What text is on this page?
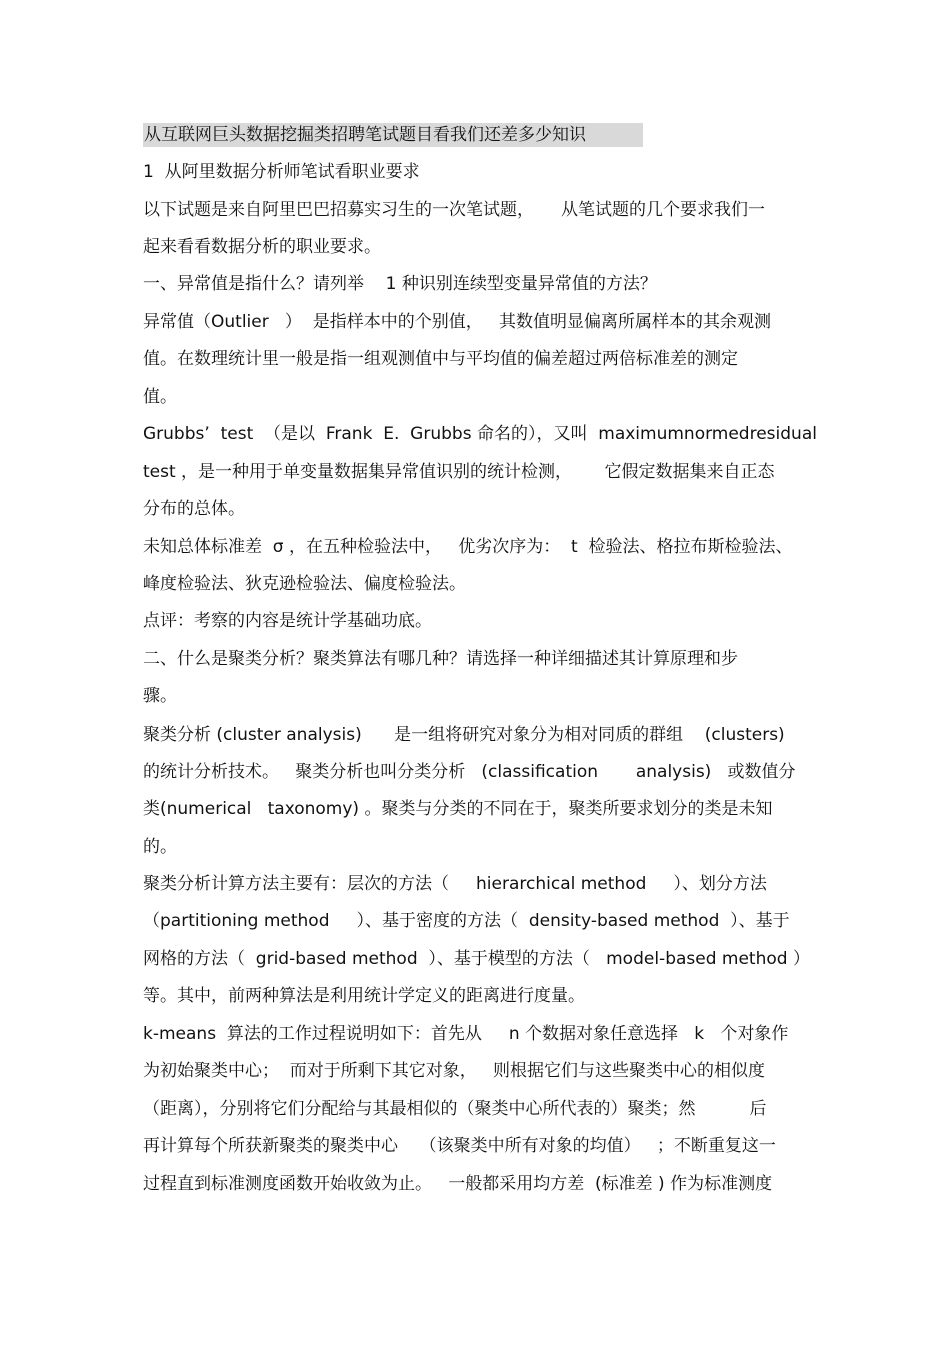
从互联网巨头数据挖掘类招聘笔试题目看我们还差多少知识
1  从阿里数据分析师笔试看职业要求
以下试题是来自阿里巴巴招募实习生的一次笔试题，     从笔试题的几个要求我们一
起来看看数据分析的职业要求。
一、异常值是指什么？请列举    1 种识别连续型变量异常值的方法？
异常值（Outlier   ）  是指样本中的个别值，   其数值明显偏离所属样本的其余观测
值。在数理统计里一般是指一组观测值中与平均值的偏差超过两倍标准差的测定
值。
Grubbs’  test  （是以  Frank  E.  Grubbs 命名的），又叫  maximumnormedresidual
test ，是一种用于单变量数据集异常值识别的统计检测，      它假定数据集来自正态
分布的总体。
未知总体标准差  σ ，在五种检验法中，   优劣次序为：  t  检验法、格拉布斯检验法、
峰度检验法、狄克逊检验法、偏度检验法。
点评：考察的内容是统计学基础功底。
二、什么是聚类分析？聚类算法有哪几种？请选择一种详细描述其计算原理和步
骤。
聚类分析 (cluster analysis)      是一组将研究对象分为相对同质的群组    (clusters)
的统计分析技术。   聚类分析也叫分类分析   (classification       analysis)   或数值分
类(numerical   taxonomy) 。聚类与分类的不同在于，聚类所要求划分的类是未知
的。
聚类分析计算方法主要有：层次的方法（     hierarchical method     ）、划分方法
（partitioning method     ）、基于密度的方法（  density-based method  ）、基于
网格的方法（  grid-based method  ）、基于模型的方法（   model-based method ）
等。其中，前两种算法是利用统计学定义的距离进行度量。
k-means  算法的工作过程说明如下：首先从     n 个数据对象任意选择   k   个对象作
为初始聚类中心；  而对于所剩下其它对象，   则根据它们与这些聚类中心的相似度
（距离），分别将它们分配给与其最相似的（聚类中心所代表的）聚类；然          后
再计算每个所获新聚类的聚类中心    （该聚类中所有对象的均值）   ；不断重复这一
过程直到标准测度函数开始收敛为止。   一般都采用均方差  (标准差 ) 作为标准测度
